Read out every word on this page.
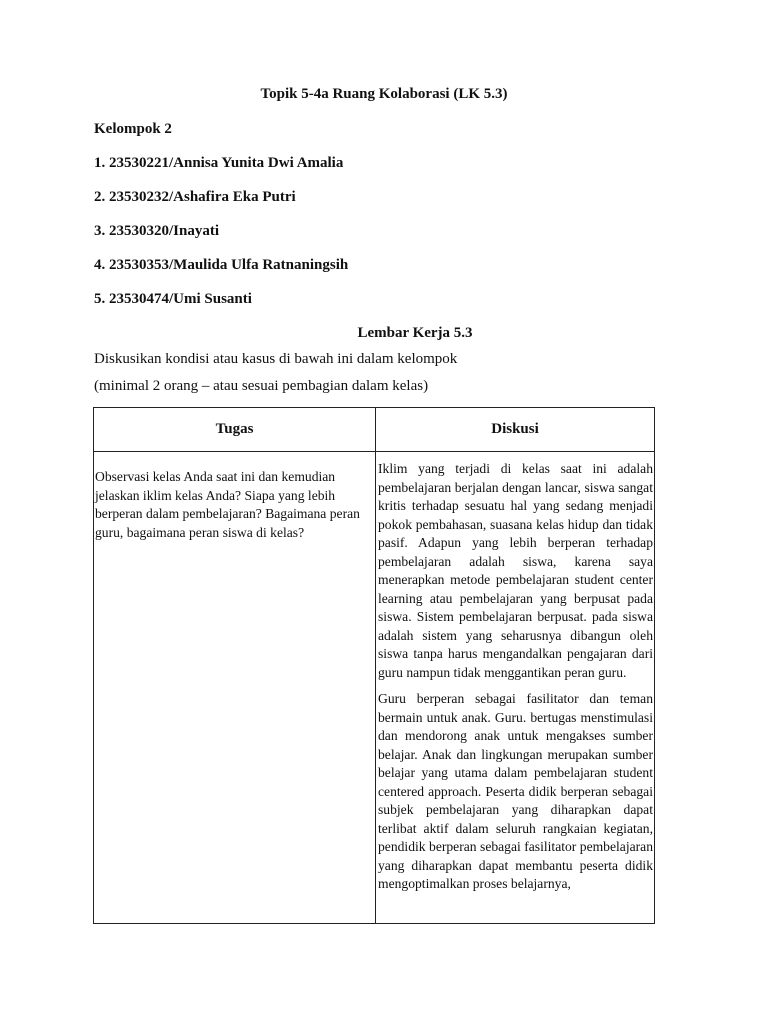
Topik 5-4a Ruang Kolaborasi (LK 5.3)
Kelompok 2
1. 23530221/Annisa Yunita Dwi Amalia
2. 23530232/Ashafira Eka Putri
3. 23530320/Inayati
4. 23530353/Maulida Ulfa Ratnaningsih
5. 23530474/Umi Susanti
Lembar Kerja 5.3
Diskusikan kondisi atau kasus di bawah ini dalam kelompok
(minimal 2 orang – atau sesuai pembagian dalam kelas)
Tugas	Diskusi

Observasi kelas Anda saat ini dan kemudian jelaskan iklim kelas Anda? Siapa yang lebih berperan dalam pembelajaran? Bagaimana peran guru, bagaimana peran siswa di kelas?	Iklim yang terjadi di kelas saat ini adalah pembelajaran berjalan dengan lancar, siswa sangat kritis terhadap sesuatu hal yang sedang menjadi pokok pembahasan, suasana kelas hidup dan tidak pasif. Adapun yang lebih berperan terhadap pembelajaran adalah siswa, karena saya menerapkan metode pembelajaran student center learning atau pembelajaran yang berpusat pada siswa. Sistem pembelajaran berpusat. pada siswa adalah sistem yang seharusnya dibangun oleh siswa tanpa harus mengandalkan pengajaran dari guru nampun tidak menggantikan peran guru.

Guru berperan sebagai fasilitator dan teman bermain untuk anak. Guru. bertugas menstimulasi dan mendorong anak untuk mengakses sumber belajar. Anak dan lingkungan merupakan sumber belajar yang utama dalam pembelajaran student centered approach. Peserta didik berperan sebagai subjek pembelajaran yang diharapkan dapat terlibat aktif dalam seluruh rangkaian kegiatan, pendidik berperan sebagai fasilitator pembelajaran yang diharapkan dapat membantu peserta didik mengoptimalkan proses belajarnya,
